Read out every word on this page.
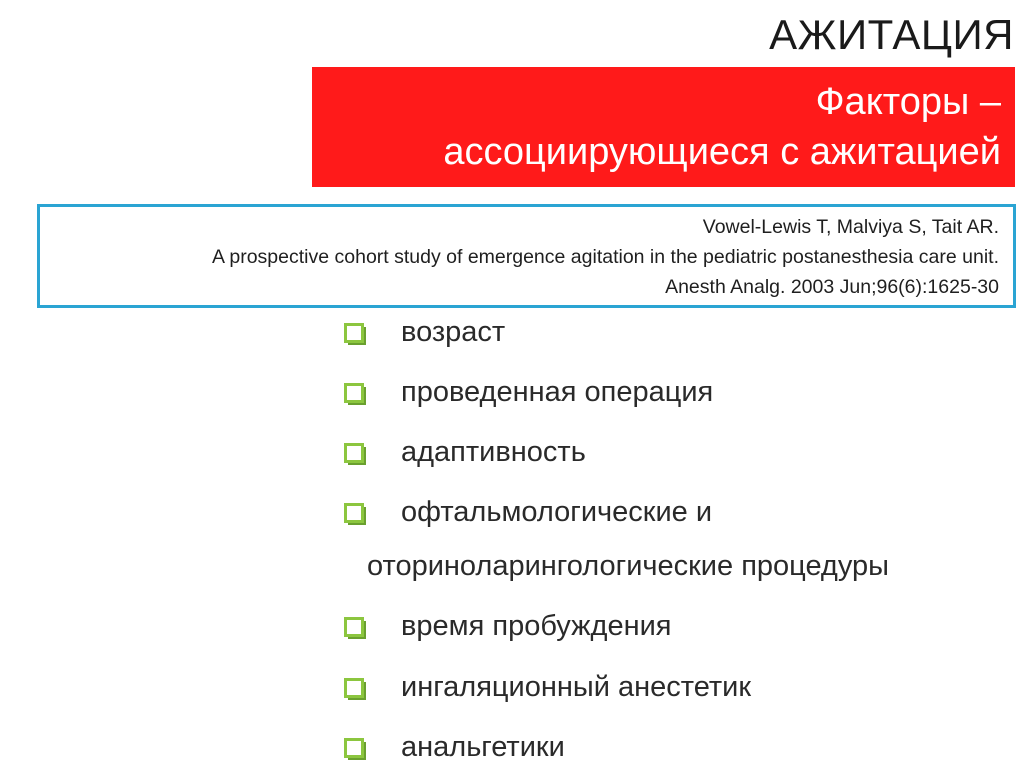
АЖИТАЦИЯ
Факторы –
ассоциирующиеся с ажитацией
Vowel-Lewis T, Malviya S, Tait AR.
A prospective cohort study of emergence agitation in the pediatric postanesthesia care unit.
Anesth Analg. 2003 Jun;96(6):1625-30
возраст
проведенная операция
адаптивность
офтальмологические и
оториноларингологические процедуры
время пробуждения
ингаляционный анестетик
анальгетики
